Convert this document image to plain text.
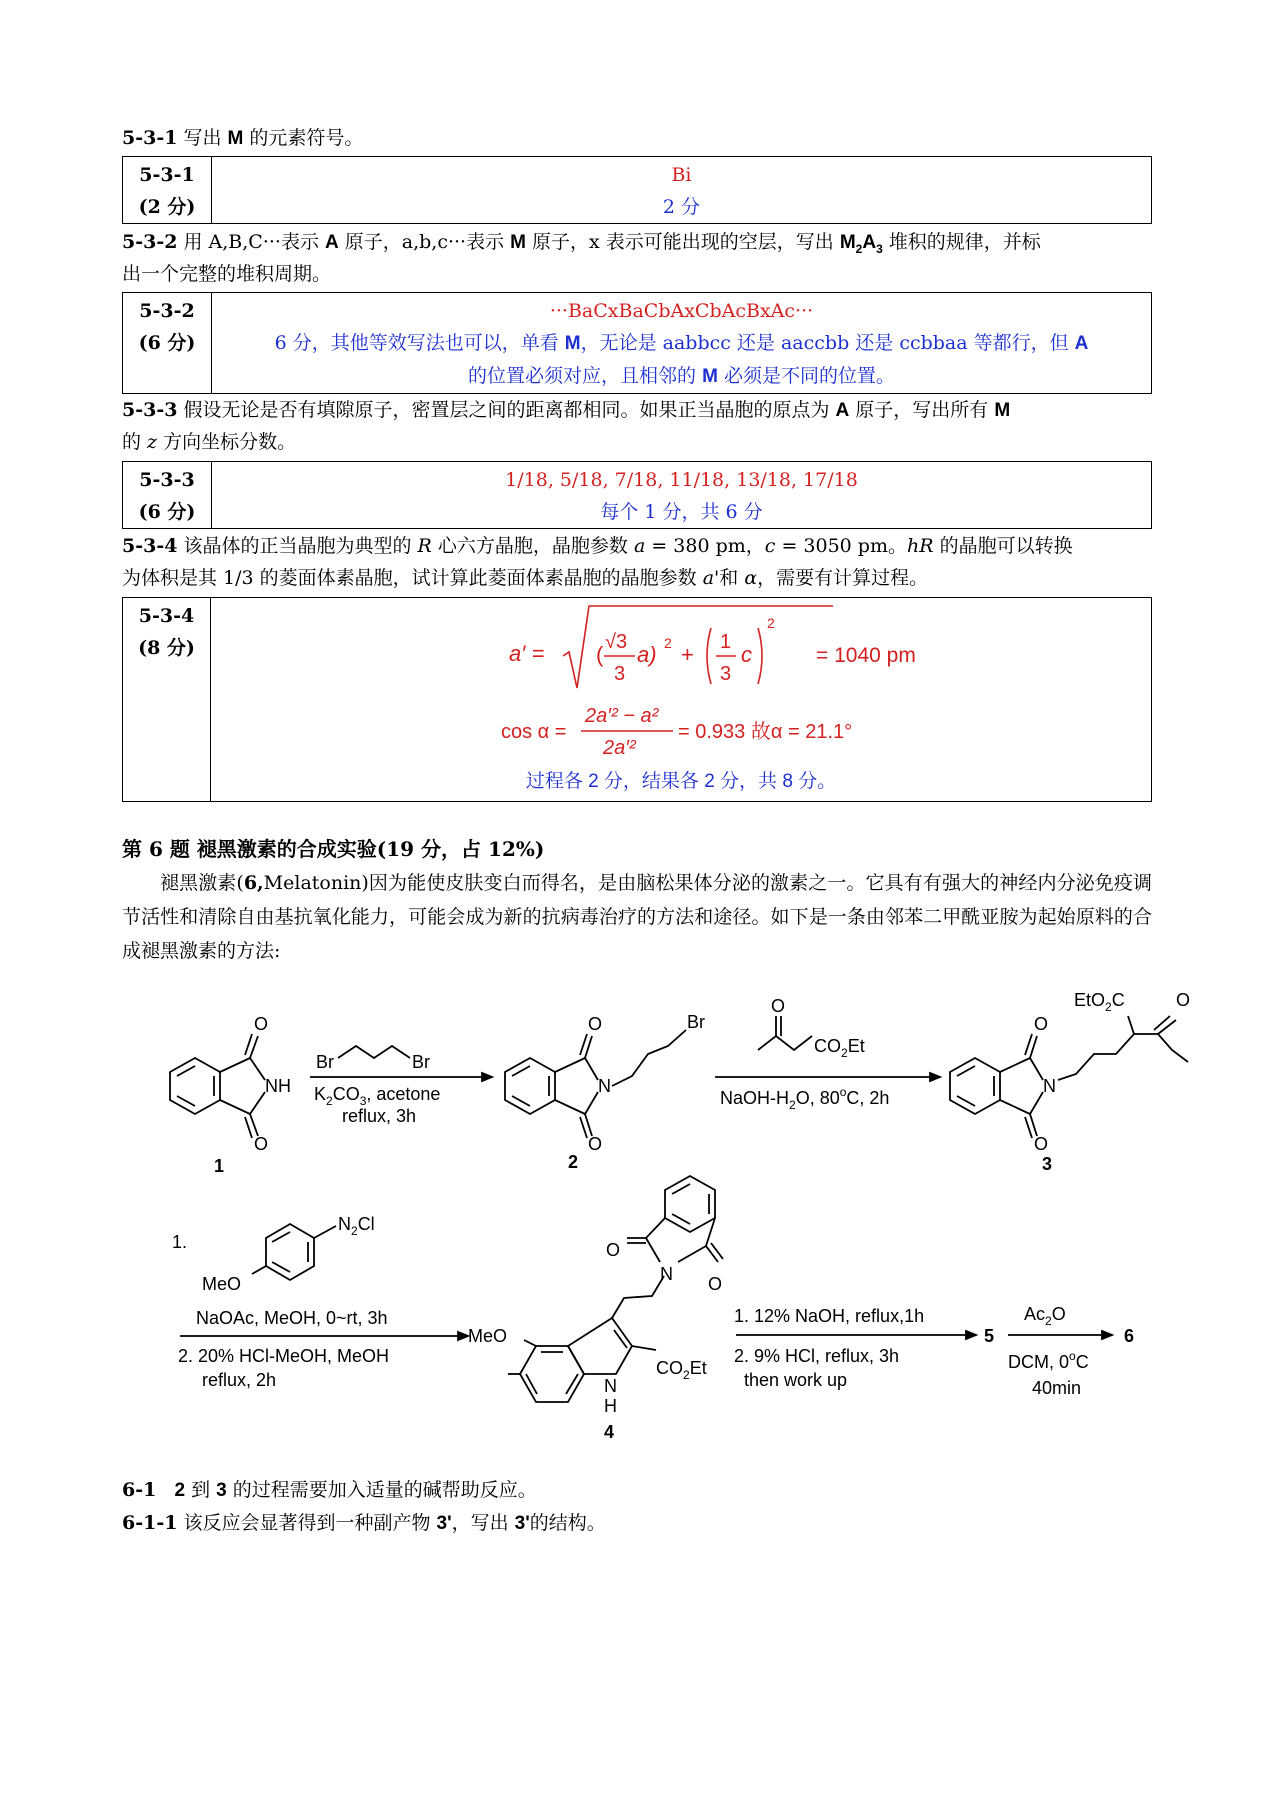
5-3-1 写出 M 的元素符号。
5-3-1
(2 分)

Bi
2 分
5-3-2 用 A,B,C···表示 A 原子，a,b,c···表示 M 原子，x 表示可能出现的空层，写出 $M_2A_3$ 堆积的规律，并标
出一个完整的堆积周期。
5-3-2
(6 分)

···BaCxBaCbAxCbAcBxAc···
6 分，其他等效写法也可以，单看 M，无论是 aabbcc 还是 aaccbb 还是 ccbbaa 等都行，但 A
的位置必须对应，且相邻的 M 必须是不同的位置。
5-3-3 假设无论是否有填隙原子，密置层之间的距离都相同。如果正当晶胞的原点为 A 原子，写出所有 M
的 z 方向坐标分数。
5-3-3
(6 分)

1/18, 5/18, 7/18, 11/18, 13/18, 17/18
每个 1 分，共 6 分
5-3-4 该晶体的正当晶胞为典型的 R 心六方晶胞，晶胞参数 a = 380 pm，c = 3050 pm。hR 的晶胞可以转换
为体积是其 1/3 的菱面体素晶胞，试计算此菱面体素晶胞的晶胞参数 a'和 α，需要有计算过程。
5-3-4
(8 分)	a′ = ( √3
3
a) 2 + 1
3
c
2
= 1040 pm
cos α =
2a′² − a²
2a′²
= 0.933 故α = 21.1°
过程各 2 分，结果各 2 分，共 8 分。
第 6 题 褪黑激素的合成实验(19 分，占 12%)
褪黑激素(6,Melatonin)因为能使皮肤变白而得名，是由脑松果体分泌的激素之一。它具有有强大的神经内分泌免疫调节活性和清除自由基抗氧化能力，可能会成为新的抗病毒治疗的方法和途径。如下是一条由邻苯二甲酰亚胺为起始原料的合成褪黑激素的方法:
6-1 2 到 3 的过程需要加入适量的碱帮助反应。
6-1-1 该反应会显著得到一种副产物 3'，写出 3'的结构。
O
O
NH
Br	Br
$K_2CO_3$, acetone
reflux, 3h
O
O
N
Br
O
$CO_2Et$
NaOH-$H_2O$, 80$^o$C, 2h
O
O
N
EtO$_2$C	O
1	2	3
1.
$N_2Cl$
MeO
NaOAc, MeOH, 0~rt, 3h
2. 20% HCl-MeOH, MeOH
reflux, 2h
O
O
N
MeO
$CO_2Et$
N
H
4
1. 12% NaOH, reflux,1h
2. 9% HCl, reflux, 3h
then work up
5
$Ac_2O$
DCM, 0$^o$C
40min
6
